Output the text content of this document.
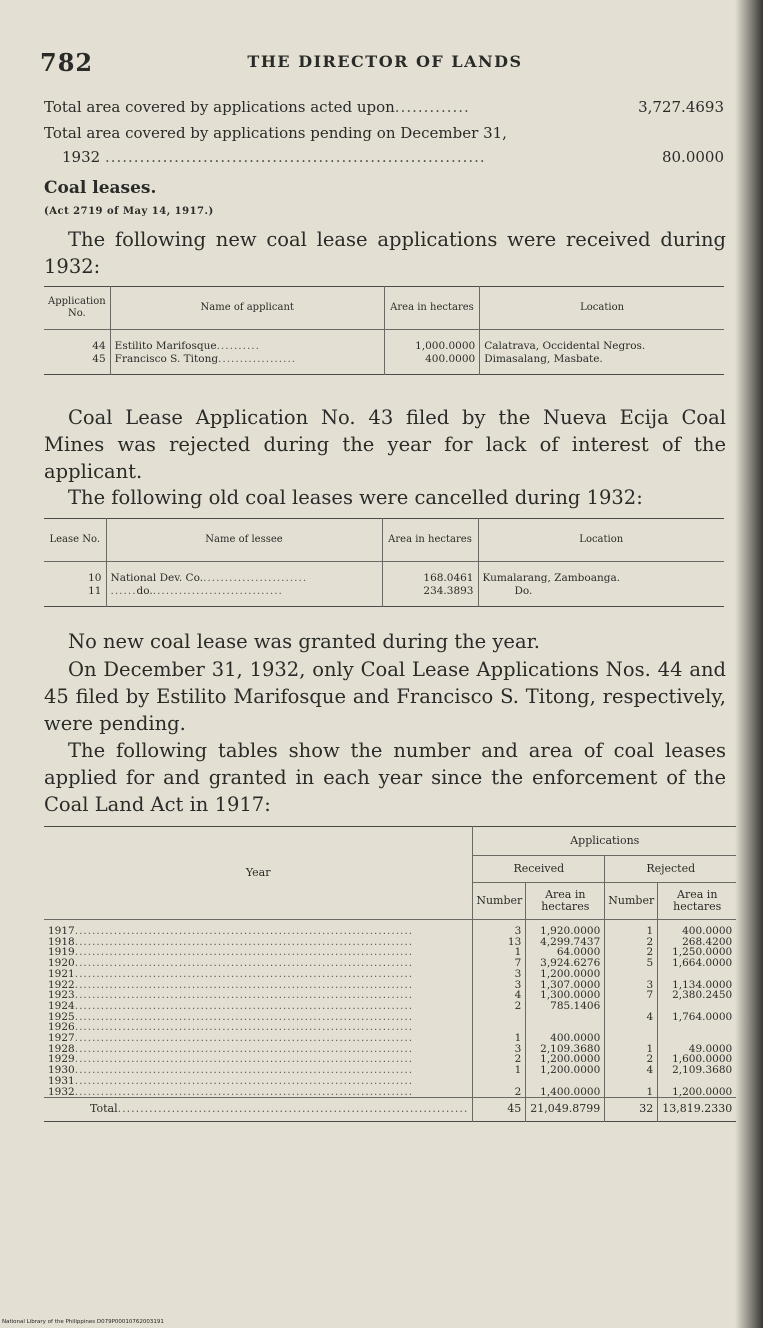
782	THE DIRECTOR OF LANDS
Total area covered by applications acted upon.............	3,727.4693
Total area covered by applications pending on December 31,
1932 ..................................................................	80.0000
Coal leases.
(Act 2719 of May 14, 1917.)
The following new coal lease applications were received during 1932:
Application No.	Name of applicant	Area in hectares	Location
44	Estilito Marifosque..........	1,000.0000	Calatrava, Occidental Negros.
45	Francisco S. Titong..................	400.0000	Dimasalang, Masbate.
Coal Lease Application No. 43 filed by the Nueva Ecija Coal Mines was rejected during the year for lack of interest of the applicant.
The following old coal leases were cancelled during 1932:
Lease No.	Name of lessee	Area in hectares	Location
10	National Dev. Co.........................	168.0461	Kumalarang, Zamboanga.
11	......do...............................	234.3893	Do.
No new coal lease was granted during the year.
On December 31, 1932, only Coal Lease Applications Nos. 44 and 45 filed by Estilito Marifosque and Francisco S. Titong, respectively, were pending.
The following tables show the number and area of coal leases applied for and granted in each year since the enforcement of the Coal Land Act in 1917:
Year	Applications			
	Received		Rejected	
	Number	Area in hectares	Number	Area in hectares
1917..............................................................................	3	1,920.0000	1	400.0000
1918..............................................................................	13	4,299.7437	2	268.4200
1919..............................................................................	1	64.0000	2	1,250.0000
1920..............................................................................	7	3,924.6276	5	1,664.0000
1921..............................................................................	3	1,200.0000		
1922..............................................................................	3	1,307.0000	3	1,134.0000
1923..............................................................................	4	1,300.0000	7	2,380.2450
1924..............................................................................	2	785.1406		
1925..............................................................................			4	1,764.0000
1926..............................................................................				
1927..............................................................................	1	400.0000		
1928..............................................................................	3	2,109.3680	1	49.0000
1929..............................................................................	2	1,200.0000	2	1,600.0000
1930..............................................................................	1	1,200.0000	4	2,109.3680
1931..............................................................................				
1932..............................................................................	2	1,400.0000	1	1,200.0000
Total..............................................................................	45	21,049.8799	32	13,819.2330
National Library of the Philippines D079P00010762003191
